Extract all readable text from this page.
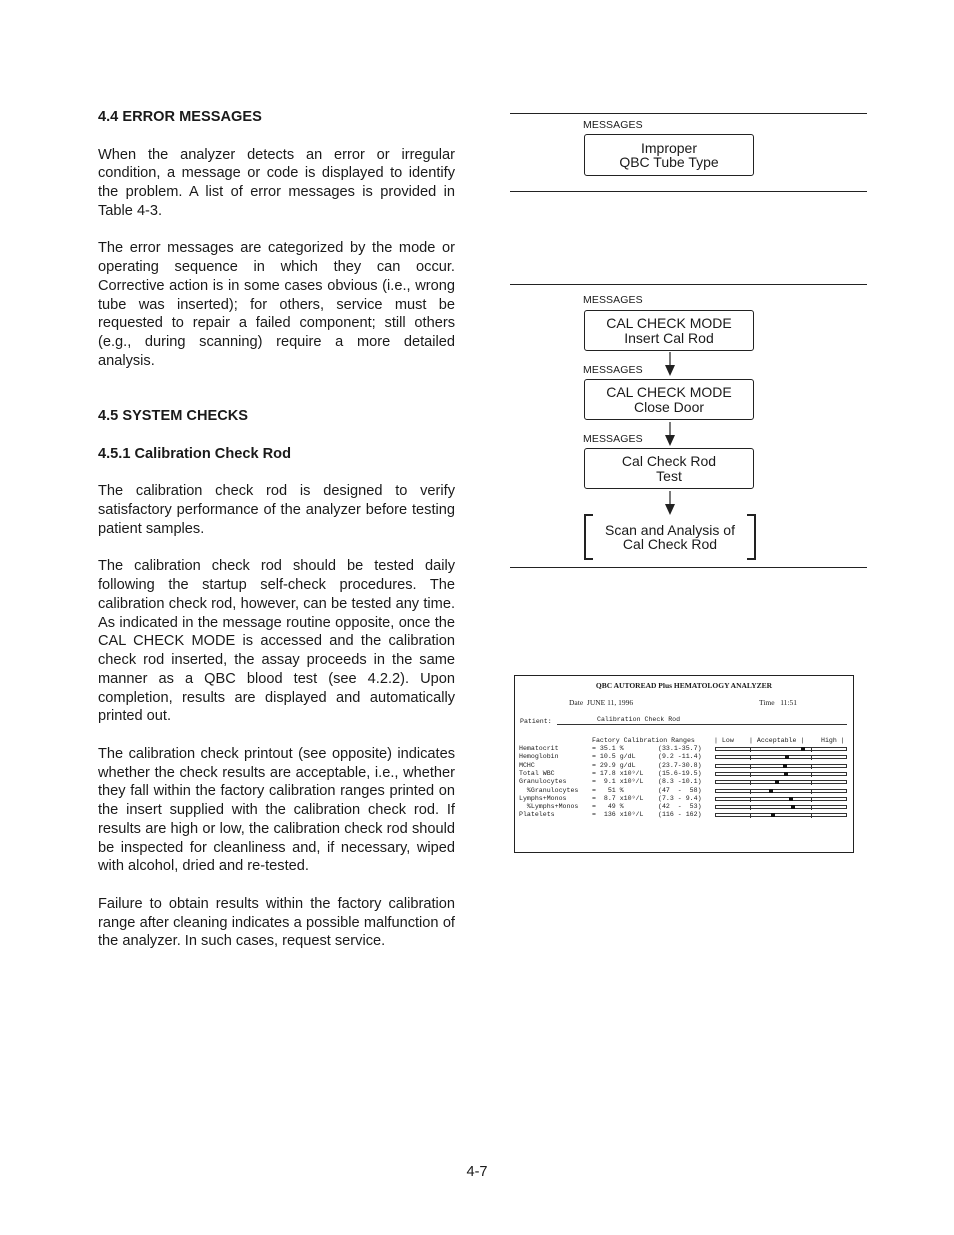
4.4 ERROR MESSAGES

When the analyzer detects an error or irregular condition, a message or code is displayed to identify the problem. A list of error messages is provided in Table 4-3.

The error messages are categorized by the mode or operating sequence in which they can occur. Corrective action is in some cases obvious (i.e., wrong tube was inserted); for others, service must be requested to repair a failed component; still others (e.g., during scanning) require a more detailed analysis.

4.5 SYSTEM CHECKS
4.5.1 Calibration Check Rod

The calibration check rod is designed to verify satisfactory performance of the analyzer before testing patient samples.

The calibration check rod should be tested daily following the startup self-check procedures. The calibration check rod, however, can be tested any time. As indicated in the message routine opposite, once the CAL CHECK MODE is accessed and the calibration check rod inserted, the assay proceeds in the same manner as a QBC blood test (see 4.2.2). Upon completion, results are displayed and automatically printed out.

The calibration check printout (see opposite) indicates whether the check results are acceptable, i.e., whether they fall within the factory calibration ranges printed on the insert supplied with the calibration check rod. If results are high or low, the calibration check rod should be inspected for cleanliness and, if necessary, wiped with alcohol, dried and re-tested.

Failure to obtain results within the factory calibration range after cleaning indicates a possible malfunction of the analyzer. In such cases, request service.

MESSAGES
Improper
QBC Tube Type
MESSAGES
CAL CHECK MODE
Insert Cal Rod
MESSAGES
CAL CHECK MODE
Close Door
MESSAGES
Cal Check Rod
Test
Scan and Analysis of
Cal Check Rod
QBC AUTOREAD Plus HEMATOLOGY ANALYZER
Date JUNE 11, 1996	Time 11:51
Patient:	Calibration Check Rod
Factory Calibration Ranges	| Low | Acceptable |	High |
Hematocrit	= 35.1 %	(33.1-35.7)
Hemoglobin	= 10.5 g/dL	(9.2 -11.4)
MCHC	= 29.9 g/dL	(23.7-30.8)
Total WBC	= 17.8 x10⁹/L (15.6-19.5)
Granulocytes	=  9.1 x10⁹/L (8.3 -10.1)
%Granulocytes =   51 %	(47  -  58)
Lymphs+Monos	=  8.7 x10⁹/L (7.3 - 9.4)
%Lymphs+Monos =   49 %	(42  -  53)
Platelets	=  136 x10⁹/L (116 - 162)
4-7
